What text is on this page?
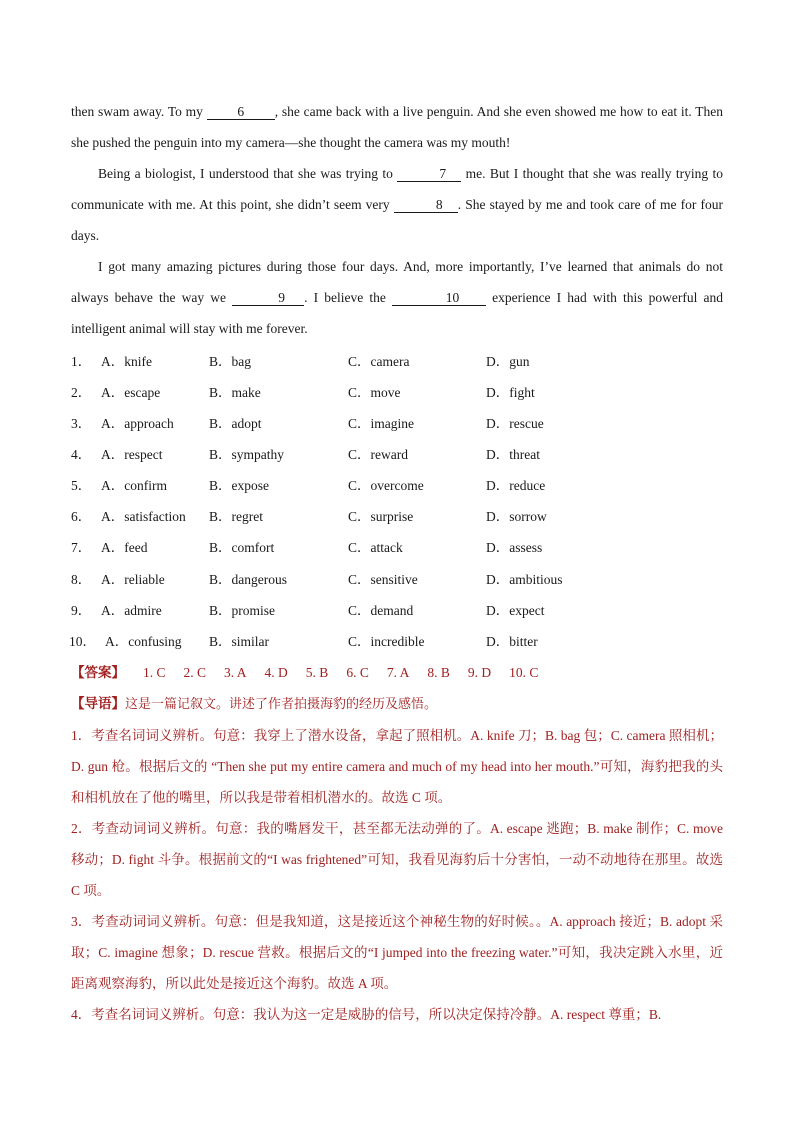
then swam away. To my	6 , she came back with a live penguin. And she even showed me how to eat it. Then she pushed the penguin into my camera—she thought the camera was my mouth!

Being a biologist, I understood that she was trying to	7 me. But I thought that she was really trying to communicate with me. At this point, she didn’t seem very	8 . She stayed by me and took care of me for four days.

I got many amazing pictures during those four days. And, more importantly, I’ve learned that animals do not always behave the way we	9 . I believe the	10 experience I had with this powerful and intelligent animal will stay with me forever.

1． A．knife	B．bag	C．camera	D．gun
2． A．escape	B．make	C．move	D．fight
3． A．approach	B．adopt	C．imagine	D．rescue
4． A．respect	B．sympathy	C．reward	D．threat
5． A．confirm	B．expose	C．overcome	D．reduce
6． A．satisfaction B．regret	C．surprise	D．sorrow
7． A．feed	B．comfort	C．attack	D．assess
8． A．reliable	B．dangerous	C．sensitive	D．ambitious
9． A．admire	B．promise	C．demand	D．expect
10． A．confusing B．similar	C．incredible	D．bitter
【答案】 1. C 2. C 3. A 4. D 5. B 6. C 7. A 8. B 9. D 10. C

【导语】这是一篇记叙文。讲述了作者拍摄海豹的经历及感悟。

1．考查名词词义辨析。句意：我穿上了潜水设备，拿起了照相机。A. knife 刀；B. bag 包；C. camera 照相机；D. gun 枪。根据后文的 “Then she put my entire camera and much of my head into her mouth.”可知，海豹把我的头和相机放在了他的嘴里，所以我是带着相机潜水的。故选 C 项。

2．考查动词词义辨析。句意：我的嘴唇发干，甚至都无法动弹的了。A. escape 逃跑；B. make 制作；C. move 移动；D. fight 斗争。根据前文的“I was frightened”可知，我看见海豹后十分害怕，一动不动地待在那里。故选 C 项。

3．考查动词词义辨析。句意：但是我知道，这是接近这个神秘生物的好时候。。A. approach 接近；B. adopt 采取；C. imagine 想象；D. rescue 营救。根据后文的“I jumped into the freezing water.”可知，我决定跳入水里，近距离观察海豹，所以此处是接近这个海豹。故选 A 项。

4．考查名词词义辨析。句意：我认为这一定是威胁的信号，所以决定保持冷静。A. respect 尊重；B.
